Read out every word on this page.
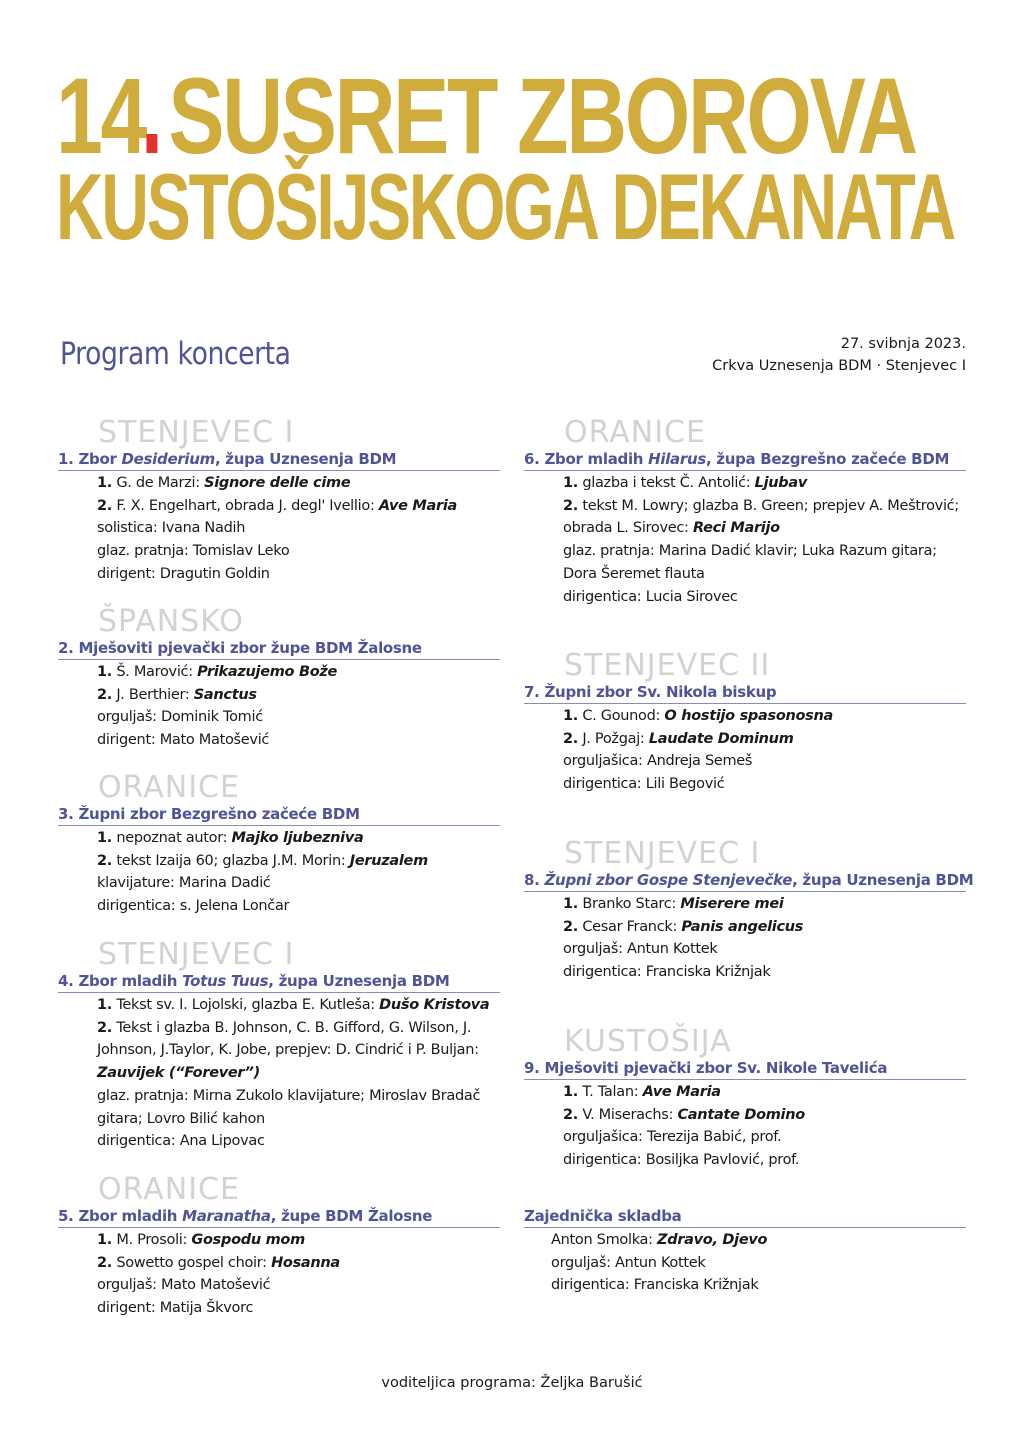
14 SUSRET ZBOROVA
KUSTOŠIJSKOGA DEKANATA
Program koncerta	27. svibnja 2023.
Crkva Uznesenja BDM · Stenjevec I
STENJEVEC I
1. Zbor Desiderium, župa Uznesenja BDM
1. G. de Marzi: Signore delle cime
2. F. X. Engelhart, obrada J. degl' Ivellio: Ave Maria
solistica: Ivana Nadih
glaz. pratnja: Tomislav Leko
dirigent: Dragutin Goldin
ŠPANSKO
2. Mješoviti pjevački zbor župe BDM Žalosne
1. Š. Marović: Prikazujemo Bože
2. J. Berthier: Sanctus
orguljaš: Dominik Tomić
dirigent: Mato Matošević
ORANICE
3. Župni zbor Bezgrešno začeće BDM
1. nepoznat autor: Majko ljubezniva
2. tekst Izaija 60; glazba J.M. Morin: Jeruzalem
klavijature: Marina Dadić
dirigentica: s. Jelena Lončar
STENJEVEC I
4. Zbor mladih Totus Tuus, župa Uznesenja BDM
1. Tekst sv. I. Lojolski, glazba E. Kutleša: Dušo Kristova
2. Tekst i glazba B. Johnson, C. B. Gifford, G. Wilson, J. Johnson, J.Taylor, K. Jobe, prepjev: D. Cindrić i P. Buljan: Zauvijek (“Forever”)
glaz. pratnja: Mirna Zukolo klavijature; Miroslav Bradač gitara; Lovro Bilić kahon
dirigentica: Ana Lipovac
ORANICE
5. Zbor mladih Maranatha, župe BDM Žalosne
1. M. Prosoli: Gospodu mom
2. Sowetto gospel choir: Hosanna
orguljaš: Mato Matošević
dirigent: Matija Škvorc
ORANICE
6. Zbor mladih Hilarus, župa Bezgrešno začeće BDM
1. glazba i tekst Č. Antolić: Ljubav
2. tekst M. Lowry; glazba B. Green; prepjev A. Meštrović; obrada L. Sirovec: Reci Marijo
glaz. pratnja: Marina Dadić klavir; Luka Razum gitara; Dora Šeremet flauta
dirigentica: Lucia Sirovec
STENJEVEC II
7. Župni zbor Sv. Nikola biskup
1. C. Gounod: O hostijo spasonosna
2. J. Požgaj: Laudate Dominum
orguljašica: Andreja Semeš
dirigentica: Lili Begović
STENJEVEC I
8. Župni zbor Gospe Stenjevečke, župa Uznesenja BDM
1. Branko Starc: Miserere mei
2. Cesar Franck: Panis angelicus
orguljaš: Antun Kottek
dirigentica: Franciska Križnjak
KUSTOŠIJA
9. Mješoviti pjevački zbor Sv. Nikole Tavelića
1. T. Talan: Ave Maria
2. V. Miserachs: Cantate Domino
orguljašica: Terezija Babić, prof.
dirigentica: Bosiljka Pavlović, prof.
Zajednička skladba
Anton Smolka: Zdravo, Djevo
orguljaš: Antun Kottek
dirigentica: Franciska Križnjak
voditeljica programa: Željka Barušić
